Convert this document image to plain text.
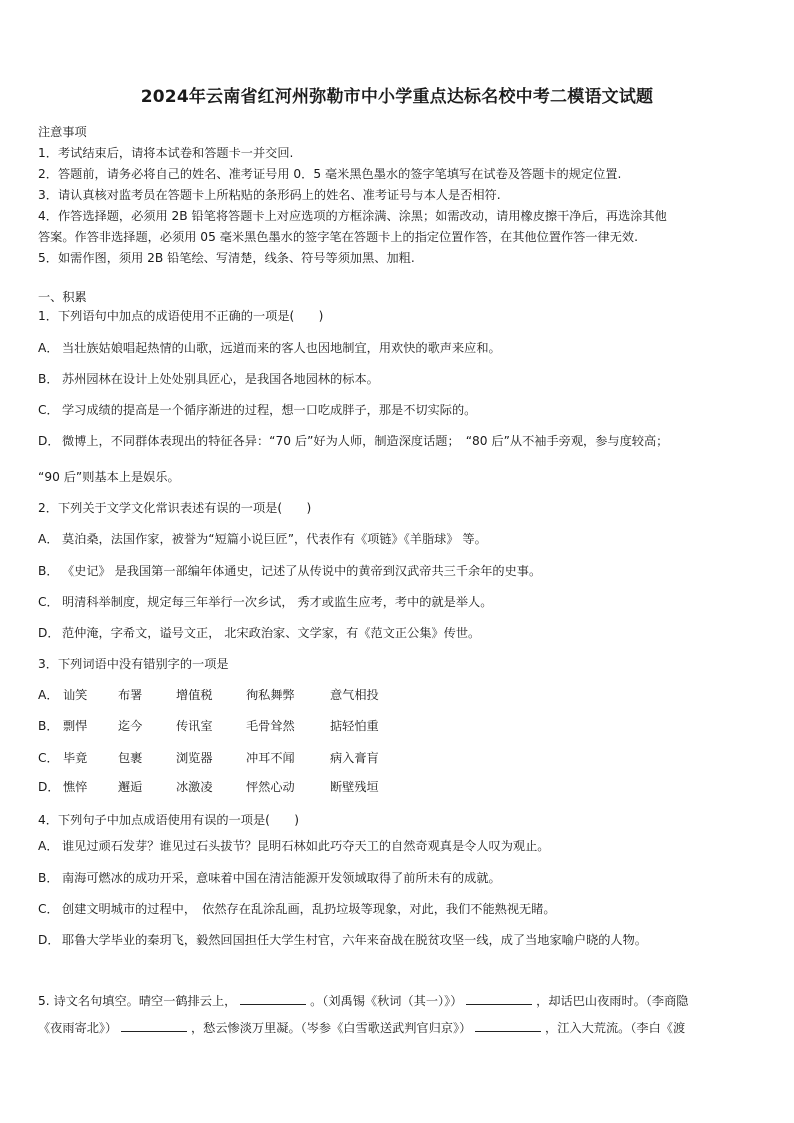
2024年云南省红河州弥勒市中小学重点达标名校中考二模语文试题
注意事项
1．考试结束后，请将本试卷和答题卡一并交回.
2．答题前，请务必将自己的姓名、准考证号用 0．5 毫米黑色墨水的签字笔填写在试卷及答题卡的规定位置.
3．请认真核对监考员在答题卡上所粘贴的条形码上的姓名、准考证号与本人是否相符.
4．作答选择题，必须用 2B 铅笔将答题卡上对应选项的方框涂满、涂黑；如需改动，请用橡皮擦干净后，再选涂其他
答案。作答非选择题，必须用 05 毫米黑色墨水的签字笔在答题卡上的指定位置作答，在其他位置作答一律无效.
5．如需作图，须用 2B 铅笔绘、写清楚，线条、符号等须加黑、加粗.
一、积累
1．下列语句中加点的成语使用不正确的一项是(　　)
A． 当壮族姑娘唱起热情的山歌，远道而来的客人也因地制宜，用欢快的歌声来应和。
B． 苏州园林在设计上处处别具匠心，是我国各地园林的标本。
C． 学习成绩的提高是一个循序渐进的过程，想一口吃成胖子，那是不切实际的。
D． 微博上，不同群体表现出的特征各异：“70 后”好为人师，制造深度话题；　“80 后”从不袖手旁观，参与度较高；
“90 后”则基本上是娱乐。
2．下列关于文学文化常识表述有误的一项是(　　)
A． 莫泊桑，法国作家，被誉为“短篇小说巨匠”，代表作有《项链》《羊脂球》 等。
B． 《史记》 是我国第一部编年体通史，记述了从传说中的黄帝到汉武帝共三千余年的史事。
C． 明清科举制度，规定每三年举行一次乡试， 秀才或监生应考，考中的就是举人。
D． 范仲淹，字希文，谥号文正， 北宋政治家、文学家，有《范文正公集》传世。
3．下列词语中没有错别字的一项是
A． 讪笑	布署	增值税	徇私舞弊	意气相投
B． 剽悍	迄今	传讯室	毛骨耸然	掂轻怕重
C． 毕竟	包裹	浏览器	冲耳不闻	病入膏肓
D． 憔悴	邂逅	冰激凌	怦然心动	断壁残垣
4．下列句子中加点成语使用有误的一项是(　　)
A． 谁见过顽石发芽？谁见过石头拔节？昆明石林如此巧夺天工的自然奇观真是令人叹为观止。
B． 南海可燃冰的成功开采，意味着中国在清洁能源开发领域取得了前所未有的成就。
C． 创建文明城市的过程中，　依然存在乱涂乱画，乱扔垃圾等现象，对此，我们不能熟视无睹。
D． 耶鲁大学毕业的秦玥飞，毅然回国担任大学生村官，六年来奋战在脱贫攻坚一线，成了当地家喻户晓的人物。
5. 诗文名句填空。晴空一鹤排云上，	。（刘禹锡《秋词（其一）》）	，却话巴山夜雨时。（李商隐
《夜雨寄北》）	，愁云惨淡万里凝。（岑参《白雪歌送武判官归京》）	，江入大荒流。（李白《渡
